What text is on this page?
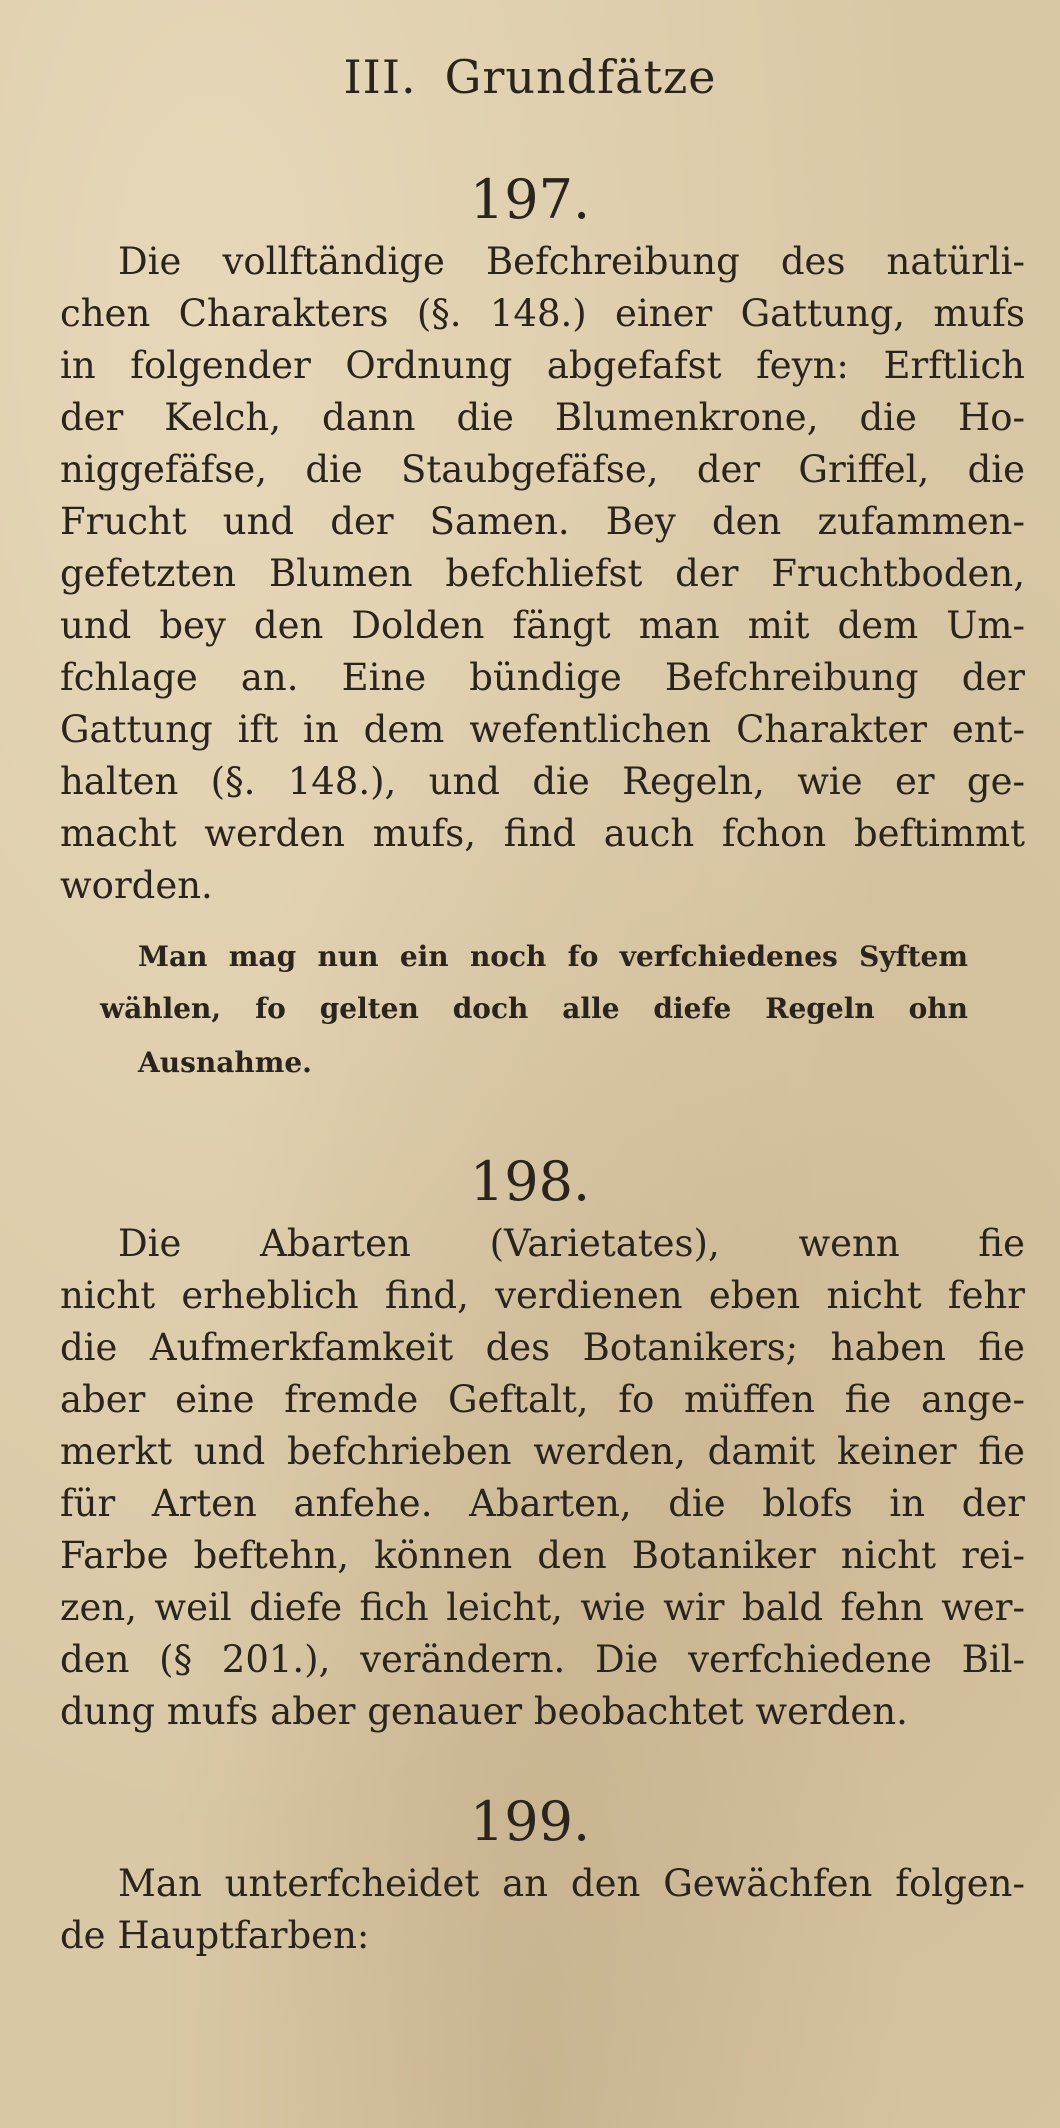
III. Grundfätze
197.
Die vollftändige Befchreibung des natürli-
chen Charakters (§. 148.) einer Gattung, mufs
in folgender Ordnung abgefafst feyn: Erftlich
der Kelch, dann die Blumenkrone, die Ho-
niggefäfse, die Staubgefäfse, der Griffel, die
Frucht und der Samen. Bey den zufammen-
gefetzten Blumen befchliefst der Fruchtboden,
und bey den Dolden fängt man mit dem Um-
fchlage an. Eine bündige Befchreibung der
Gattung ift in dem wefentlichen Charakter ent-
halten (§. 148.), und die Regeln, wie er ge-
macht werden mufs, find auch fchon beftimmt
worden.
Man mag nun ein noch fo verfchiedenes Syftem
wählen, fo gelten doch alle diefe Regeln ohn
Ausnahme.
198.
Die Abarten (Varietates), wenn fie
nicht erheblich find, verdienen eben nicht fehr
die Aufmerkfamkeit des Botanikers; haben fie
aber eine fremde Geftalt, fo müffen fie ange-
merkt und befchrieben werden, damit keiner fie
für Arten anfehe. Abarten, die blofs in der
Farbe beftehn, können den Botaniker nicht rei-
zen, weil diefe fich leicht, wie wir bald fehn wer-
den (§ 201.), verändern. Die verfchiedene Bil-
dung mufs aber genauer beobachtet werden.
199.
Man unterfcheidet an den Gewächfen folgen-
de Hauptfarben:
